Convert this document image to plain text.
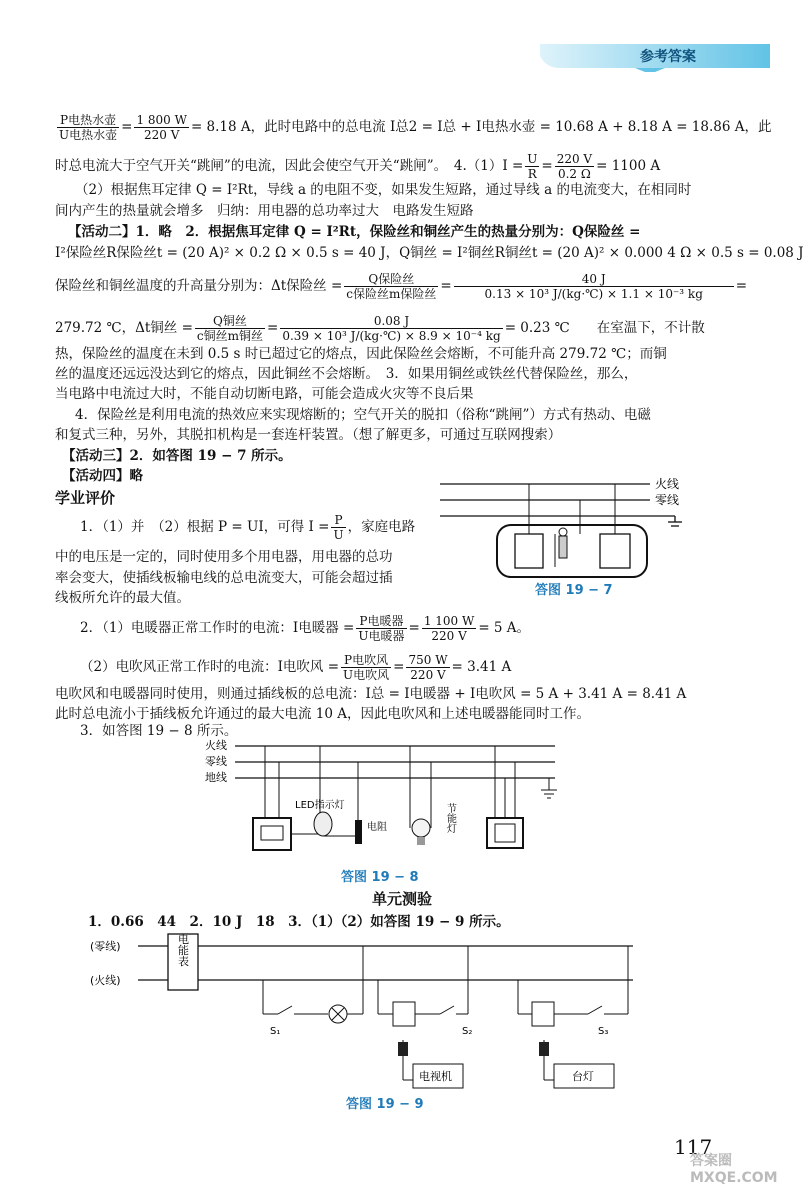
参考答案
$\frac{\text{P电热水壶}}{\text{U电热水壶}} = \frac{1 800 W}{220 V} = 8.18$ A，此时电路中的总电流 I总2 = I总 + I电热水壶 = 10.68 A + 8.18 A = 18.86 A，此
时总电流大于空气开关“跳闸”的电流，因此会使空气开关“跳闸”。　 $4.(1)I = \frac{U}{R} = \frac{220 V}{0.2 \Omega} = 1100$ A
（2）根据焦耳定律 Q = I²Rt，导线 a 的电阻不变，如果发生短路，通过导线 a 的电流变大，在相同时
间内产生的热量就会增多　归纳：用电器的总功率过大　电路发生短路
【活动二】1．略　2．根据焦耳定律 Q = I²Rt，保险丝和铜丝产生的热量分别为：Q保险丝 =
I²保险丝R保险丝t = (20 A)² × 0.2 Ω × 0.5 s = 40 J，Q铜丝 = I²铜丝R铜丝t = (20 A)² × 0.000 4 Ω × 0.5 s = 0.08 J
保险丝和铜丝温度的升高量分别为：Δt保险丝 = $\frac{\text{Q保险丝}}{\text{c保险丝m保险丝}} = \frac{40 J}{\text{0.13 × 10³ J/(kg·℃) × 1.1 × 10⁻³ kg}}$ =
279.72 ℃，Δt铜丝 = $\frac{\text{Q铜丝}}{\text{c铜丝m铜丝}} = \frac{0.08 J}{\text{0.39 × 10³ J/(kg·℃) × 8.9 × 10⁻⁴ kg}} = 0.23$ ℃　　在室温下，不计散
热，保险丝的温度在未到 0.5 s 时已超过它的熔点，因此保险丝会熔断，不可能升高 279.72 ℃；而铜
丝的温度还远远没达到它的熔点，因此铜丝不会熔断。　3．如果用铜丝或铁丝代替保险丝，那么，
当电路中电流过大时，不能自动切断电路，可能会造成火灾等不良后果
4．保险丝是利用电流的热效应来实现熔断的；空气开关的脱扣（俗称“跳闸”）方式有热动、电磁
和复式三种，另外，其脱扣机构是一套连杆装置。（想了解更多，可通过互联网搜索）
【活动三】2．如答图 19 − 7 所示。
【活动四】略
学业评价
1．（1）并　（2）根据 P = UI，可得 $I = \frac{P}{U}$ ，家庭电路
中的电压是一定的，同时使用多个用电器，用电器的总功
率会变大，使插线板输电线的总电流变大，可能会超过插
线板所允许的最大值。
火线
零线
答图 19 − 7
2．（1）电暖器正常工作时的电流：I电暖器 = $\frac{\text{P电暖器}}{\text{U电暖器}} = \frac{1 100 W}{220 V} = 5$ A。
（2）电吹风正常工作时的电流：I电吹风 = $\frac{\text{P电吹风}}{\text{U电吹风}} = \frac{750 W}{220 V} = 3.41$ A
电吹风和电暖器同时使用，则通过插线板的总电流：I总 = I电暖器 + I电吹风 = 5 A + 3.41 A = 8.41 A
此时总电流小于插线板允许通过的最大电流 10 A，因此电吹风和上述电暖器能同时工作。
3．如答图 19 − 8 所示。
火线
零线
地线
LED指示灯
电阻	节能灯
答图 19 − 8
单元测验
1．0.66　44　2．10 J　18　3．（1）（2）如答图 19 − 9 所示。
(零线)
(火线)
电能表
S₁	S₂
电视机
S₃
台灯
答图 19 − 9
117
答案圈 MXQE.COM
